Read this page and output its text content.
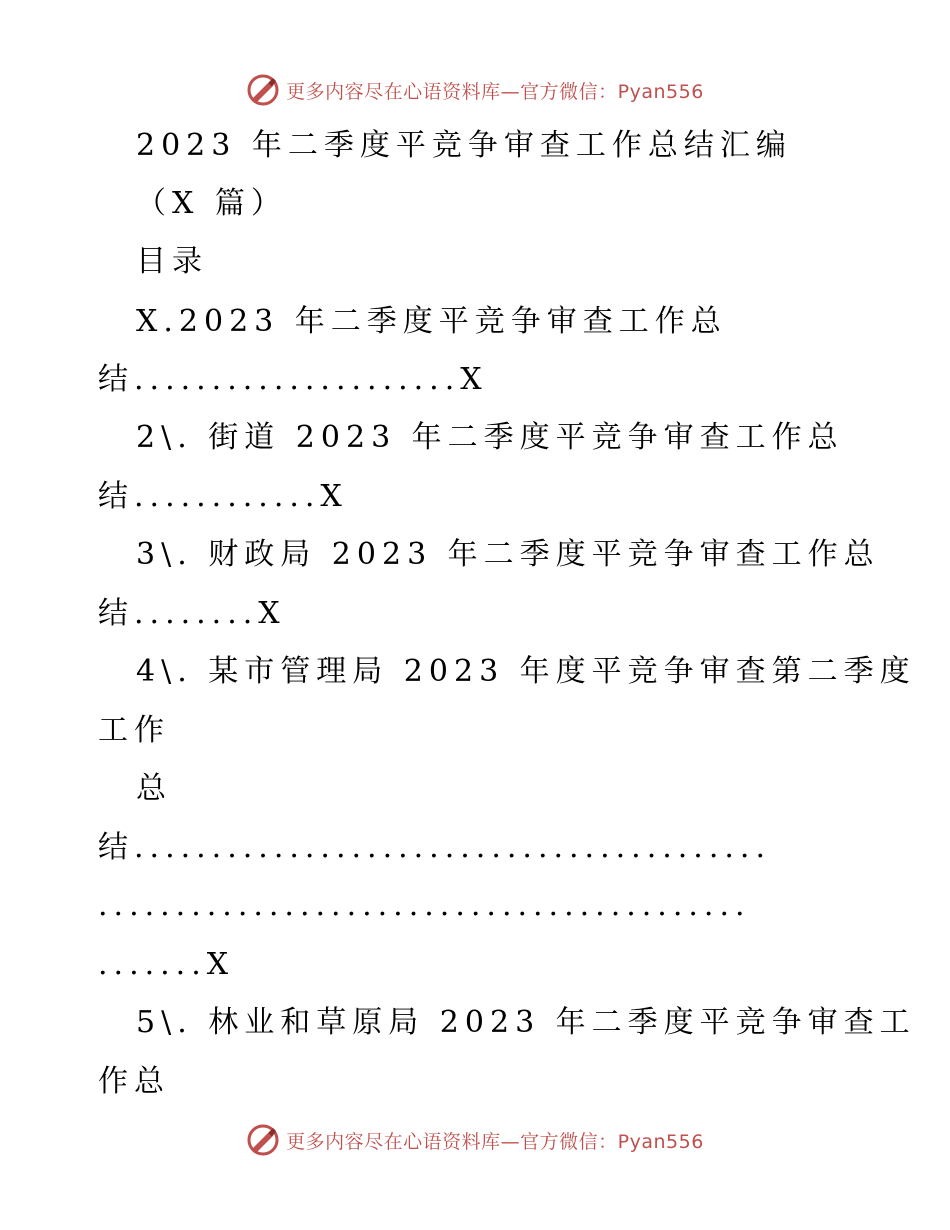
更多内容尽在心语资料库—官方微信：Pyan556

2023 年二季度平竞争审查工作总结汇编

（X 篇）

目录

X.2023 年二季度平竞争审查工作总

结.....................X

2\. 街道 2023 年二季度平竞争审查工作总

结............X

3\. 财政局 2023 年二季度平竞争审查工作总

结........X

4\. 某市管理局 2023 年度平竞争审查第二季度

工作

总

结.........................................

..........................................

.......X

5\. 林业和草原局 2023 年二季度平竞争审查工

作总

更多内容尽在心语资料库—官方微信：Pyan556
